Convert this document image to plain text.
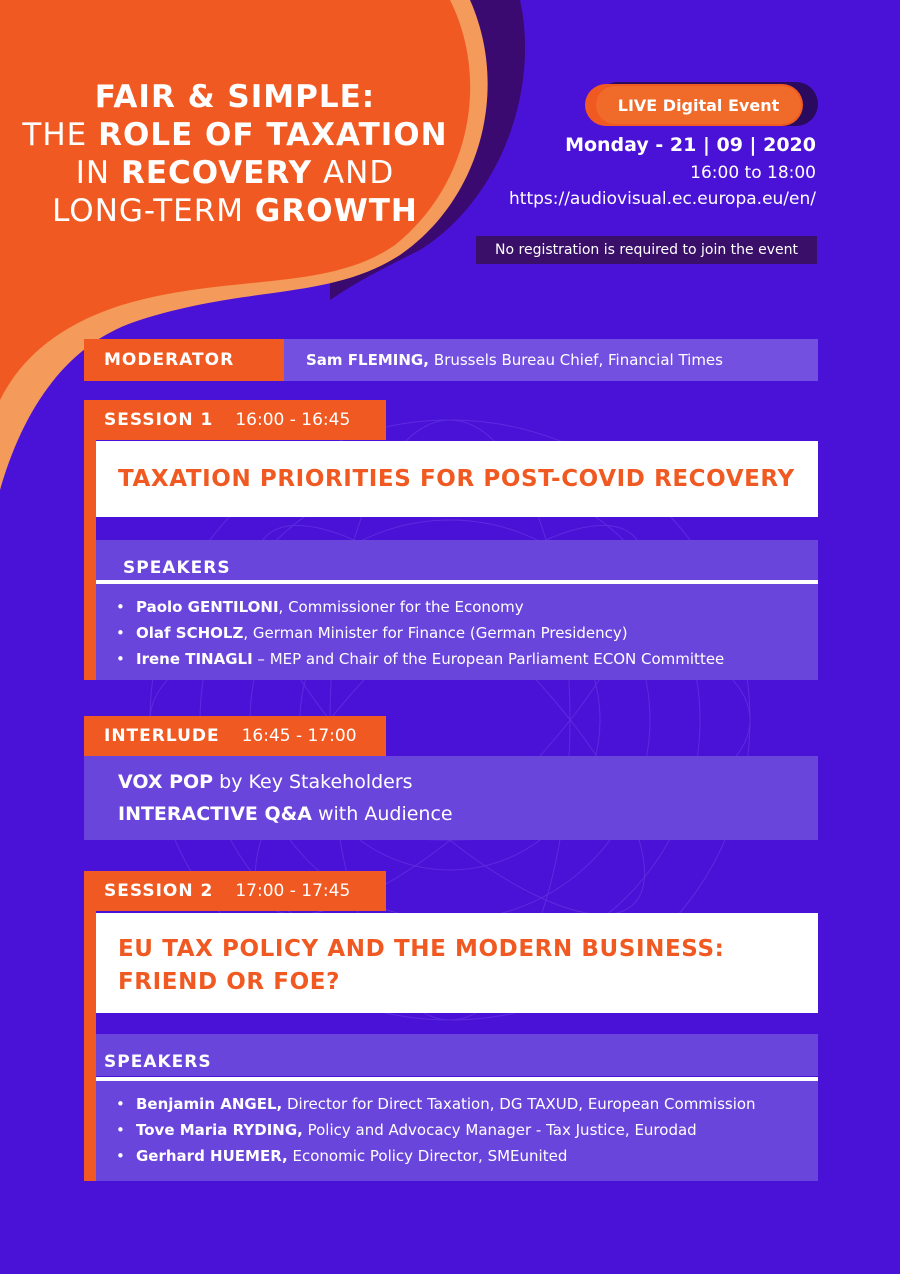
FAIR & SIMPLE:
THE ROLE OF TAXATION
IN RECOVERY AND
LONG-TERM GROWTH
LIVE Digital Event
Monday - 21 | 09 | 2020
16:00 to 18:00
https://audiovisual.ec.europa.eu/en/
No registration is required to join the event
MODERATOR	Sam FLEMING, Brussels Bureau Chief, Financial Times
SESSION 1 16:00 - 16:45
TAXATION PRIORITIES FOR POST-COVID RECOVERY
SPEAKERS
• Paolo GENTILONI, Commissioner for the Economy
• Olaf SCHOLZ, German Minister for Finance (German Presidency)
• Irene TINAGLI – MEP and Chair of the European Parliament ECON Committee
INTERLUDE 16:45 - 17:00
VOX POP by Key Stakeholders
INTERACTIVE Q&A with Audience
SESSION 2 17:00 - 17:45
EU TAX POLICY AND THE MODERN BUSINESS:
FRIEND OR FOE?
SPEAKERS
• Benjamin ANGEL, Director for Direct Taxation, DG TAXUD, European Commission
• Tove Maria RYDING, Policy and Advocacy Manager - Tax Justice, Eurodad
• Gerhard HUEMER, Economic Policy Director, SMEunited
